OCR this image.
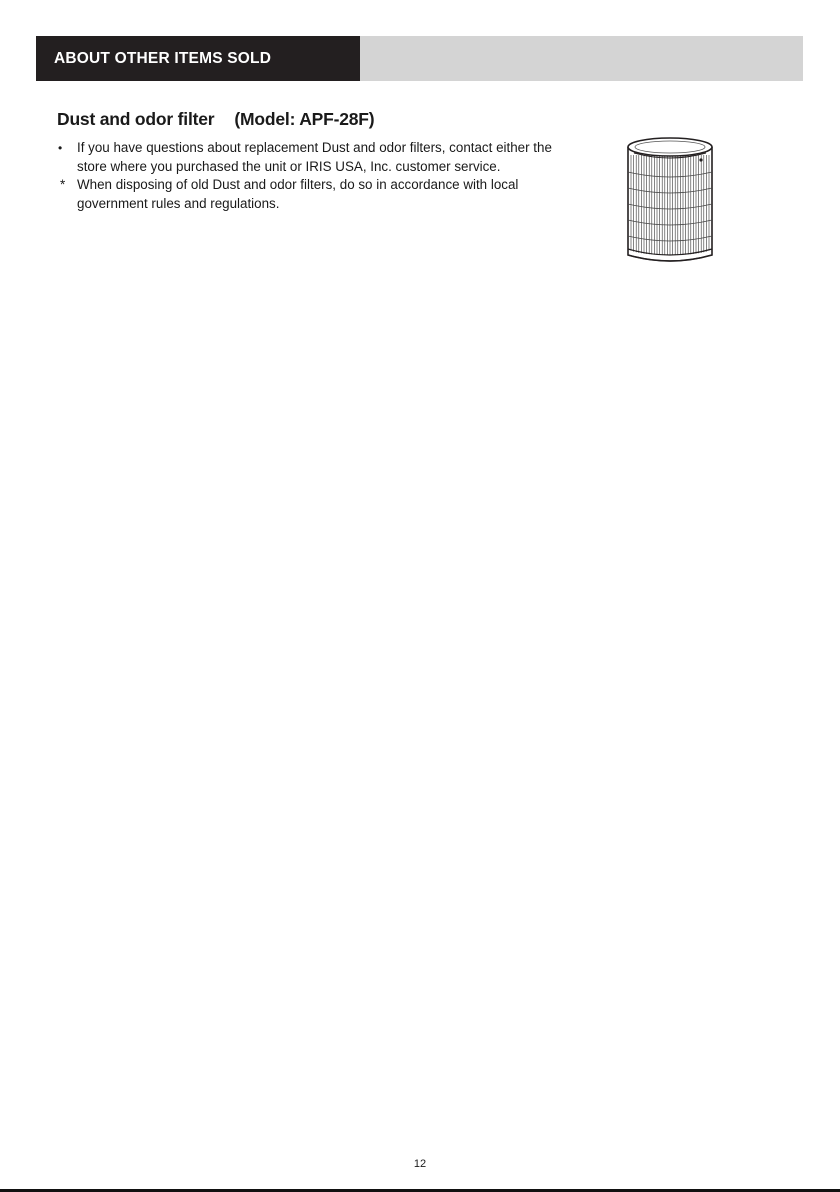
ABOUT OTHER ITEMS SOLD SEPARATELY
Dust and odor filter (Model: APF-28F)
• If you have questions about replacement Dust and odor filters, contact either the store where you purchased the unit or IRIS USA, Inc. customer service.
* When disposing of old Dust and odor filters, do so in accordance with local government rules and regulations.
12
